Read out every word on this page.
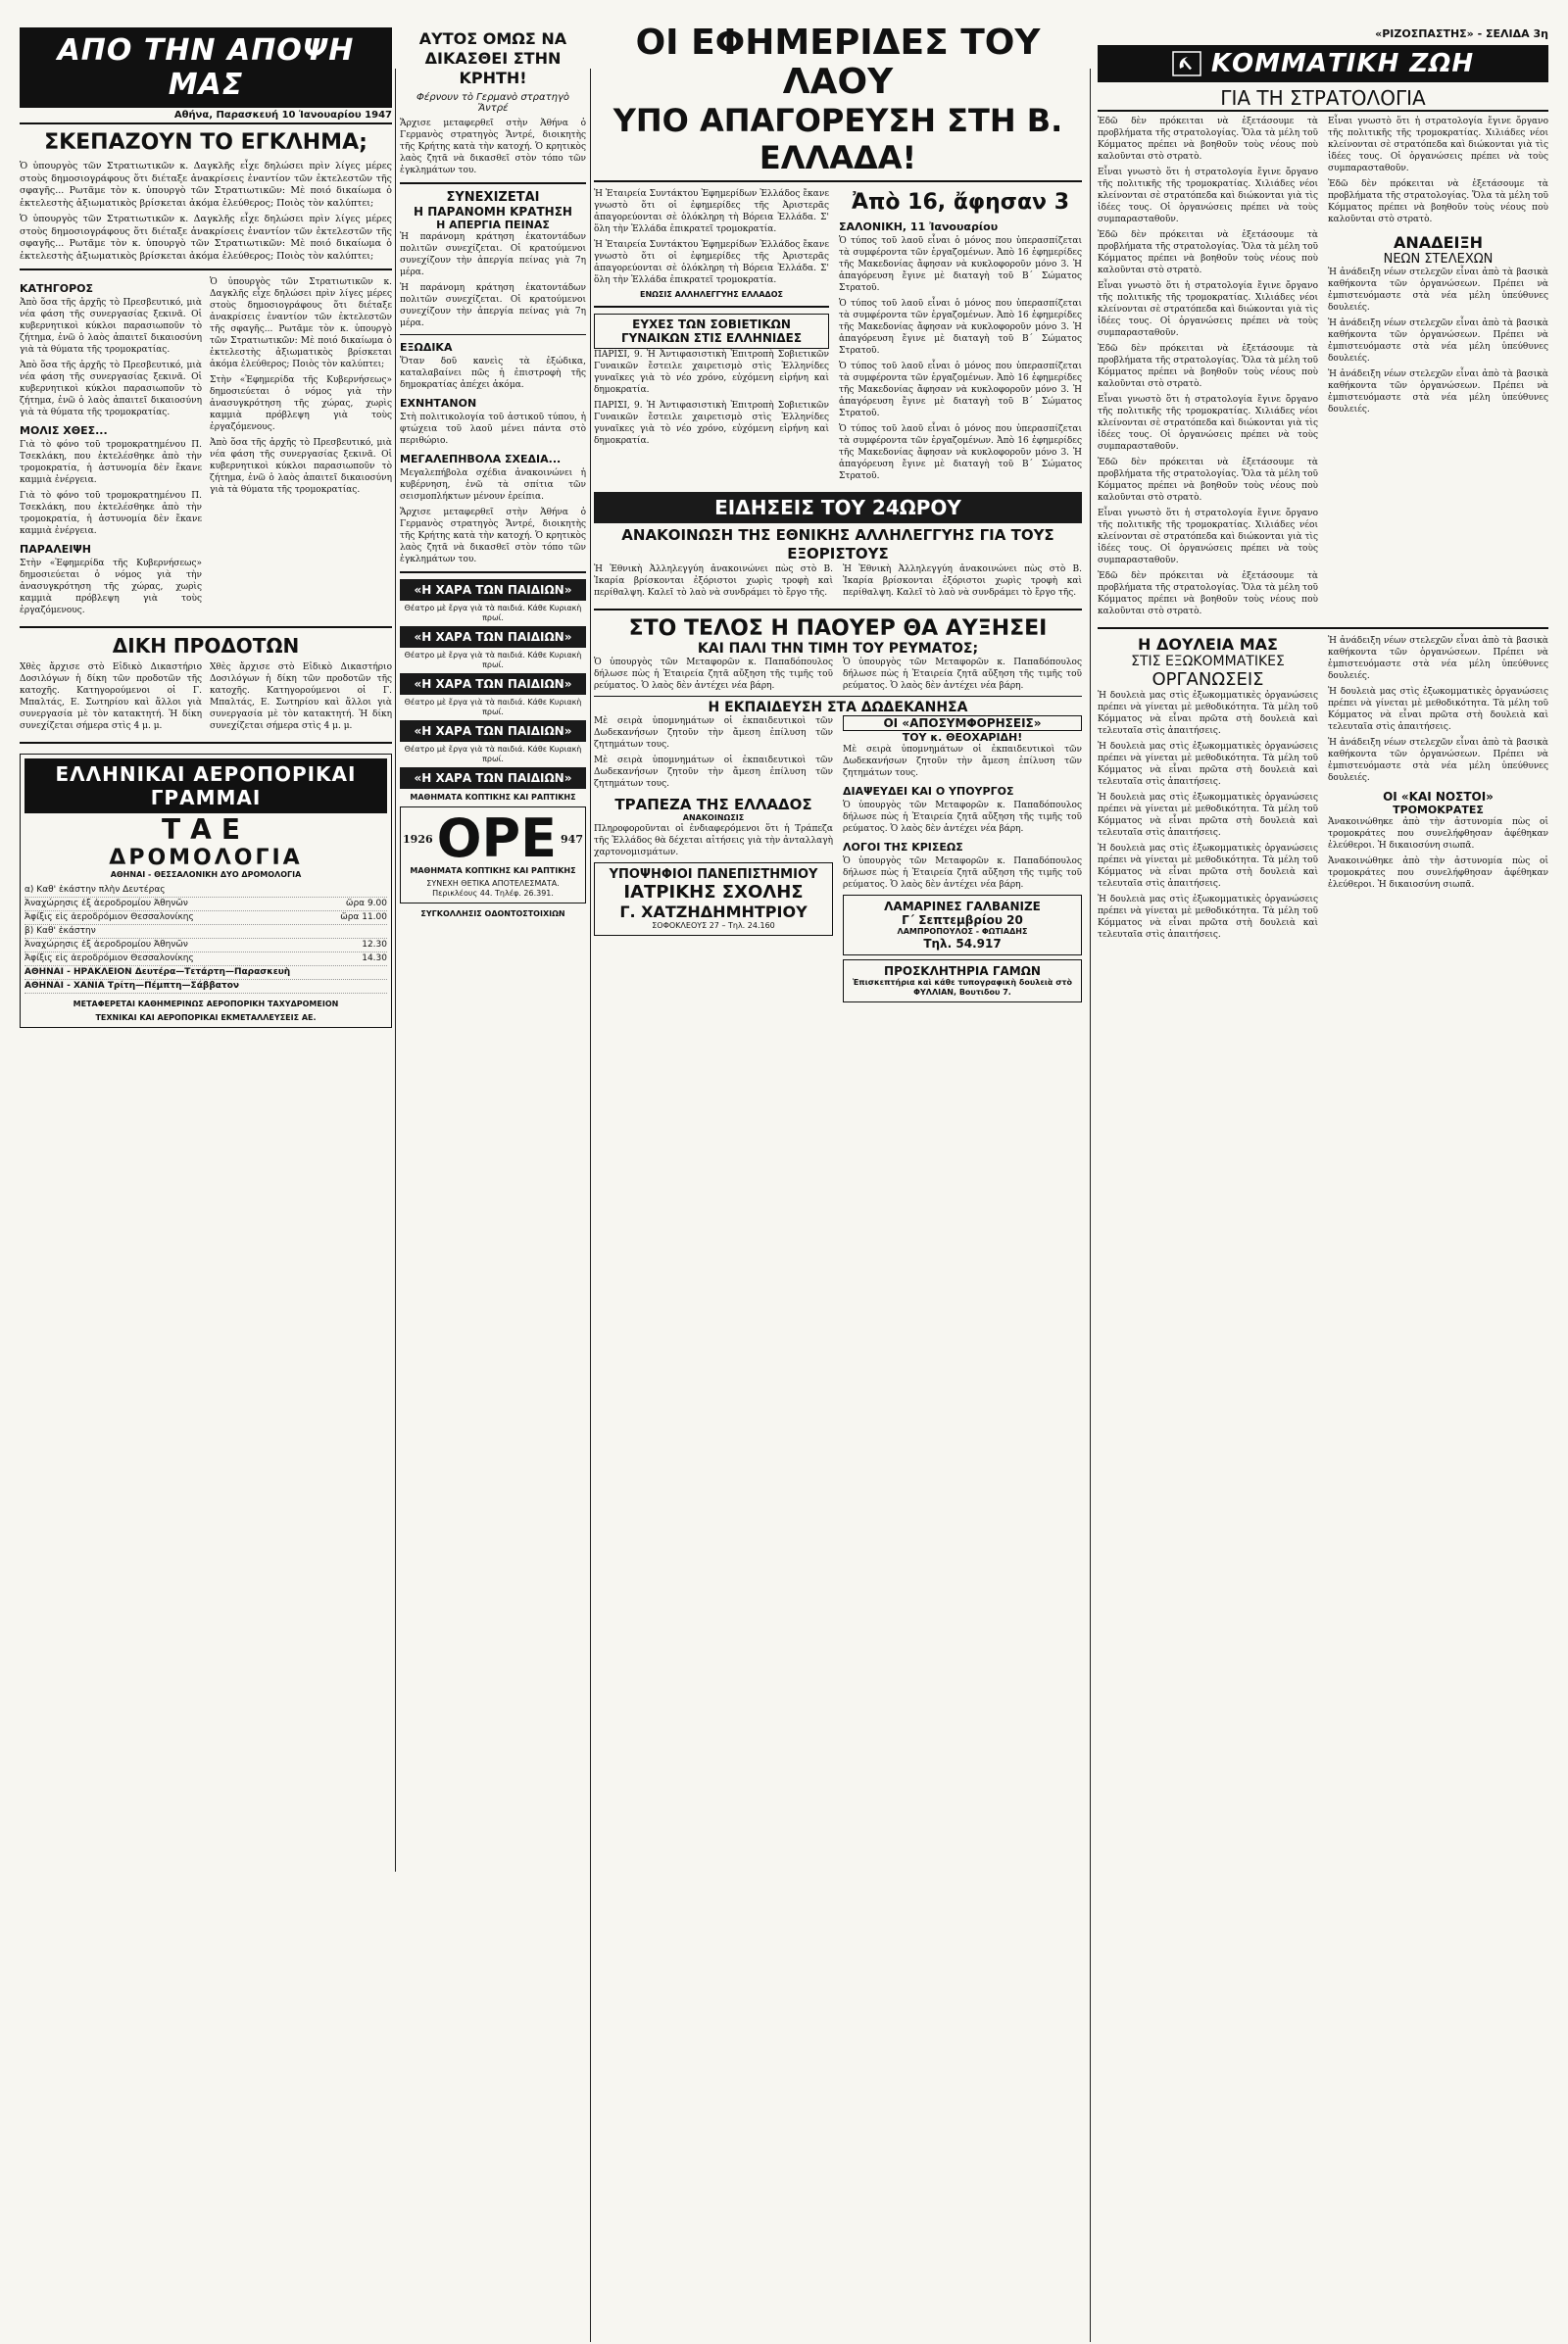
ΑΠΟ ΤΗΝ ΑΠΟΨΗ ΜΑΣ
Αθήνα, Παρασκευή 10 Ἰανουαρίου 1947
ΣΚΕΠΑΖΟΥΝ ΤΟ ΕΓΚΛΗΜΑ;

Ὁ ὑπουργὸς τῶν Στρατιωτικῶν κ. Δαγκλῆς εἶχε δηλώσει πρὶν λίγες μέρες στοὺς δημοσιογράφους ὅτι διέταξε ἀνακρίσεις ἐναντίον τῶν ἐκτελεστῶν τῆς σφαγῆς... Ρωτᾶμε τὸν κ. ὑπουργὸ τῶν Στρατιωτικῶν: Μὲ ποιό δικαίωμα ὁ ἐκτελεστὴς ἀξιωματικὸς βρίσκεται ἀκόμα ἐλεύθερος; Ποιὸς τὸν καλύπτει;

Ὁ ὑπουργὸς τῶν Στρατιωτικῶν κ. Δαγκλῆς εἶχε δηλώσει πρὶν λίγες μέρες στοὺς δημοσιογράφους ὅτι διέταξε ἀνακρίσεις ἐναντίον τῶν ἐκτελεστῶν τῆς σφαγῆς... Ρωτᾶμε τὸν κ. ὑπουργὸ τῶν Στρατιωτικῶν: Μὲ ποιό δικαίωμα ὁ ἐκτελεστὴς ἀξιωματικὸς βρίσκεται ἀκόμα ἐλεύθερος; Ποιὸς τὸν καλύπτει;

ΚΑΤΗΓΟΡΟΣ

Ἀπὸ ὅσα τῆς ἀρχῆς τὸ Πρεσβευτικό, μιὰ νέα φάση τῆς συνεργασίας ξεκινᾶ. Οἱ κυβερνητικοὶ κύκλοι παρασιωποῦν τὸ ζήτημα, ἐνῶ ὁ λαὸς ἀπαιτεῖ δικαιοσύνη γιὰ τὰ θύματα τῆς τρομοκρατίας.

Ἀπὸ ὅσα τῆς ἀρχῆς τὸ Πρεσβευτικό, μιὰ νέα φάση τῆς συνεργασίας ξεκινᾶ. Οἱ κυβερνητικοὶ κύκλοι παρασιωποῦν τὸ ζήτημα, ἐνῶ ὁ λαὸς ἀπαιτεῖ δικαιοσύνη γιὰ τὰ θύματα τῆς τρομοκρατίας.

ΜΟΛΙΣ ΧΘΕΣ...

Γιὰ τὸ φόνο τοῦ τρομοκρατημένου Π. Τσεκλάκη, που ἐκτελέσθηκε ἀπὸ τὴν τρομοκρατία, ἡ ἀστυνομία δὲν ἔκανε καμμιὰ ἐνέργεια.

Γιὰ τὸ φόνο τοῦ τρομοκρατημένου Π. Τσεκλάκη, που ἐκτελέσθηκε ἀπὸ τὴν τρομοκρατία, ἡ ἀστυνομία δὲν ἔκανε καμμιὰ ἐνέργεια.

ΠΑΡΑΛΕΙΨΗ

Στὴν «Ἐφημερίδα τῆς Κυβερνήσεως» δημοσιεύεται ὁ νόμος γιὰ τὴν ἀνασυγκρότηση τῆς χώρας, χωρὶς καμμιὰ πρόβλεψη γιὰ τοὺς ἐργαζόμενους.

Ὁ ὑπουργὸς τῶν Στρατιωτικῶν κ. Δαγκλῆς εἶχε δηλώσει πρὶν λίγες μέρες στοὺς δημοσιογράφους ὅτι διέταξε ἀνακρίσεις ἐναντίον τῶν ἐκτελεστῶν τῆς σφαγῆς... Ρωτᾶμε τὸν κ. ὑπουργὸ τῶν Στρατιωτικῶν: Μὲ ποιό δικαίωμα ὁ ἐκτελεστὴς ἀξιωματικὸς βρίσκεται ἀκόμα ἐλεύθερος; Ποιὸς τὸν καλύπτει;

Στὴν «Ἐφημερίδα τῆς Κυβερνήσεως» δημοσιεύεται ὁ νόμος γιὰ τὴν ἀνασυγκρότηση τῆς χώρας, χωρὶς καμμιὰ πρόβλεψη γιὰ τοὺς ἐργαζόμενους.

Ἀπὸ ὅσα τῆς ἀρχῆς τὸ Πρεσβευτικό, μιὰ νέα φάση τῆς συνεργασίας ξεκινᾶ. Οἱ κυβερνητικοὶ κύκλοι παρασιωποῦν τὸ ζήτημα, ἐνῶ ὁ λαὸς ἀπαιτεῖ δικαιοσύνη γιὰ τὰ θύματα τῆς τρομοκρατίας.

ΔΙΚΗ ΠΡΟΔΟΤΩΝ

Χθὲς ἄρχισε στὸ Εἰδικὸ Δικαστήριο Δοσιλόγων ἡ δίκη τῶν προδοτῶν τῆς κατοχῆς. Κατηγορούμενοι οἱ Γ. Μπαλτάς, Ε. Σωτηρίου καὶ ἄλλοι γιὰ συνεργασία μὲ τὸν κατακτητή. Ἡ δίκη συνεχίζεται σήμερα στὶς 4 μ. μ.

Χθὲς ἄρχισε στὸ Εἰδικὸ Δικαστήριο Δοσιλόγων ἡ δίκη τῶν προδοτῶν τῆς κατοχῆς. Κατηγορούμενοι οἱ Γ. Μπαλτάς, Ε. Σωτηρίου καὶ ἄλλοι γιὰ συνεργασία μὲ τὸν κατακτητή. Ἡ δίκη συνεχίζεται σήμερα στὶς 4 μ. μ.

ΕΛΛΗΝΙΚΑΙ ΑΕΡΟΠΟΡΙΚΑΙ ΓΡΑΜΜΑΙ
ΤΑΕ
ΔΡΟΜΟΛΟΓΙΑ
ΑΘΗΝΑΙ - ΘΕΣΣΑΛΟΝΙΚΗ ΔΥΟ ΔΡΟΜΟΛΟΓΙΑ
α) Καθ' ἑκάστην πλὴν Δευτέρας
Ἀναχώρησις ἐξ ἀεροδρομίου Ἀθηνῶν	ὥρα 9.00
Ἀφίξις εἰς ἀεροδρόμιον Θεσσαλονίκης	ὥρα 11.00
β) Καθ' ἑκάστην
Ἀναχώρησις ἐξ ἀεροδρομίου Ἀθηνῶν	12.30
Ἀφίξις εἰς ἀεροδρόμιον Θεσσαλονίκης	14.30
ΑΘΗΝΑΙ - ΗΡΑΚΛΕΙΟΝ Δευτέρα—Τετάρτη—Παρασκευὴ
ΑΘΗΝΑΙ - ΧΑΝΙΑ Τρίτη—Πέμπτη—Σάββατον
ΜΕΤΑΦΕΡΕΤΑΙ ΚΑΘΗΜΕΡΙΝΩΣ ΑΕΡΟΠΟΡΙΚΗ ΤΑΧΥΔΡΟΜΕΙΟΝ
ΤΕΧΝΙΚΑΙ ΚΑΙ ΑΕΡΟΠΟΡΙΚΑΙ ΕΚΜΕΤΑΛΛΕΥΣΕΙΣ ΑΕ.
ΑΥΤΟΣ ΟΜΩΣ ΝΑ ΔΙΚΑΣΘΕΙ ΣΤΗΝ ΚΡΗΤΗ!
Φέρνουν τὸ Γερμανὸ στρατηγὸ Ἄντρέ

Ἄρχισε μεταφερθεῖ στὴν Ἀθήνα ὁ Γερμανὸς στρατηγὸς Ἄντρέ, διοικητὴς τῆς Κρήτης κατὰ τὴν κατοχή. Ὁ κρητικὸς λαὸς ζητᾶ νὰ δικασθεῖ στὸν τόπο τῶν ἐγκλημάτων του.

ΣΥΝΕΧΙΖΕΤΑΙ
Η ΠΑΡΑΝΟΜΗ ΚΡΑΤΗΣΗ
Η ΑΠΕΡΓΙΑ ΠΕΙΝΑΣ

Ἡ παράνομη κράτηση ἑκατοντάδων πολιτῶν συνεχίζεται. Οἱ κρατούμενοι συνεχίζουν τὴν ἀπεργία πείνας γιὰ 7η μέρα.

Ἡ παράνομη κράτηση ἑκατοντάδων πολιτῶν συνεχίζεται. Οἱ κρατούμενοι συνεχίζουν τὴν ἀπεργία πείνας γιὰ 7η μέρα.

ΕΞΩΔΙΚΑ

Ὅταν δοῦ κανεὶς τὰ ἐξώδικα, καταλαβαίνει πῶς ἡ ἐπιστροφὴ τῆς δημοκρατίας ἀπέχει ἀκόμα.

ΕΧΝΗΤΑΝΟΝ

Στὴ πολιτικολογία τοῦ ἀστικοῦ τύπου, ἡ φτώχεια τοῦ λαοῦ μένει πάντα στὸ περιθώριο.

ΜΕΓΑΛΕΠΗΒΟΛΑ ΣΧΕΔΙΑ...

Μεγαλεπήβολα σχέδια ἀνακοινώνει ἡ κυβέρνηση, ἐνῶ τὰ σπίτια τῶν σεισμοπλήκτων μένουν ἐρείπια.

Ἄρχισε μεταφερθεῖ στὴν Ἀθήνα ὁ Γερμανὸς στρατηγὸς Ἄντρέ, διοικητὴς τῆς Κρήτης κατὰ τὴν κατοχή. Ὁ κρητικὸς λαὸς ζητᾶ νὰ δικασθεῖ στὸν τόπο τῶν ἐγκλημάτων του.

«Η ΧΑΡΑ ΤΩΝ ΠΑΙΔΙΩΝ»
Θέατρο μὲ ἔργα γιὰ τὰ παιδιά. Κάθε Κυριακὴ πρωί.
«Η ΧΑΡΑ ΤΩΝ ΠΑΙΔΙΩΝ»
Θέατρο μὲ ἔργα γιὰ τὰ παιδιά. Κάθε Κυριακὴ πρωί.
«Η ΧΑΡΑ ΤΩΝ ΠΑΙΔΙΩΝ»
Θέατρο μὲ ἔργα γιὰ τὰ παιδιά. Κάθε Κυριακὴ πρωί.
«Η ΧΑΡΑ ΤΩΝ ΠΑΙΔΙΩΝ»
Θέατρο μὲ ἔργα γιὰ τὰ παιδιά. Κάθε Κυριακὴ πρωί.
«Η ΧΑΡΑ ΤΩΝ ΠΑΙΔΙΩΝ»
ΜΑΘΗΜΑΤΑ ΚΟΠΤΙΚΗΣ ΚΑΙ ΡΑΠΤΙΚΗΣ
1926 ΟΡΕ 947
ΜΑΘΗΜΑΤΑ ΚΟΠΤΙΚΗΣ ΚΑΙ ΡΑΠΤΙΚΗΣ
ΣΥΝΕΧΗ ΘΕΤΙΚΑ ΑΠΟΤΕΛΕΣΜΑΤΑ. Περικλέους 44. Τηλέφ. 26.391.
ΣΥΓΚΟΛΛΗΣΙΣ ΟΔΟΝΤΟΣΤΟΙΧΙΩΝ
ΟΙ ΕΦΗΜΕΡΙΔΕΣ ΤΟΥ ΛΑΟΥ
ΥΠΟ ΑΠΑΓΟΡΕΥΣΗ ΣΤΗ Β. ΕΛΛΑΔΑ!

Ἡ Ἐταιρεία Συντάκτου Ἐφημερίδων Ἐλλάδος ἔκανε γνωστὸ ὅτι οἱ ἐφημερίδες τῆς Ἀριστερᾶς ἀπαγορεύονται σὲ ὁλόκληρη τὴ Βόρεια Ἑλλάδα. Σ' ὅλη τὴν Ἑλλάδα ἐπικρατεῖ τρομοκρατία.

Ἡ Ἐταιρεία Συντάκτου Ἐφημερίδων Ἐλλάδος ἔκανε γνωστὸ ὅτι οἱ ἐφημερίδες τῆς Ἀριστερᾶς ἀπαγορεύονται σὲ ὁλόκληρη τὴ Βόρεια Ἑλλάδα. Σ' ὅλη τὴν Ἑλλάδα ἐπικρατεῖ τρομοκρατία.

ΕΝΩΣΙΣ ΑΛΛΗΛΕΓΓΥΗΣ ΕΛΛΑΔΟΣ
ΕΥΧΕΣ ΤΩΝ ΣΟΒΙΕΤΙΚΩΝ ΓΥΝΑΙΚΩΝ ΣΤΙΣ ΕΛΛΗΝΙΔΕΣ

ΠΑΡΙΣΙ, 9. Ἡ Ἀντιφασιστικὴ Ἐπιτροπὴ Σοβιετικῶν Γυναικῶν ἔστειλε χαιρετισμὸ στὶς Ἑλληνίδες γυναῖκες γιὰ τὸ νέο χρόνο, εὐχόμενη εἰρήνη καὶ δημοκρατία.

ΠΑΡΙΣΙ, 9. Ἡ Ἀντιφασιστικὴ Ἐπιτροπὴ Σοβιετικῶν Γυναικῶν ἔστειλε χαιρετισμὸ στὶς Ἑλληνίδες γυναῖκες γιὰ τὸ νέο χρόνο, εὐχόμενη εἰρήνη καὶ δημοκρατία.

Ἀπὸ 16, ἄφησαν 3
ΣΑΛΟΝΙΚΗ, 11 Ἰανουαρίου

Ὁ τύπος τοῦ λαοῦ εἶναι ὁ μόνος που ὑπερασπίζεται τὰ συμφέροντα τῶν ἐργαζομένων. Ἀπὸ 16 ἐφημερίδες τῆς Μακεδονίας ἄφησαν νὰ κυκλοφοροῦν μόνο 3. Ἡ ἀπαγόρευση ἔγινε μὲ διαταγὴ τοῦ Β΄ Σώματος Στρατοῦ.

Ὁ τύπος τοῦ λαοῦ εἶναι ὁ μόνος που ὑπερασπίζεται τὰ συμφέροντα τῶν ἐργαζομένων. Ἀπὸ 16 ἐφημερίδες τῆς Μακεδονίας ἄφησαν νὰ κυκλοφοροῦν μόνο 3. Ἡ ἀπαγόρευση ἔγινε μὲ διαταγὴ τοῦ Β΄ Σώματος Στρατοῦ.

Ὁ τύπος τοῦ λαοῦ εἶναι ὁ μόνος που ὑπερασπίζεται τὰ συμφέροντα τῶν ἐργαζομένων. Ἀπὸ 16 ἐφημερίδες τῆς Μακεδονίας ἄφησαν νὰ κυκλοφοροῦν μόνο 3. Ἡ ἀπαγόρευση ἔγινε μὲ διαταγὴ τοῦ Β΄ Σώματος Στρατοῦ.

Ὁ τύπος τοῦ λαοῦ εἶναι ὁ μόνος που ὑπερασπίζεται τὰ συμφέροντα τῶν ἐργαζομένων. Ἀπὸ 16 ἐφημερίδες τῆς Μακεδονίας ἄφησαν νὰ κυκλοφοροῦν μόνο 3. Ἡ ἀπαγόρευση ἔγινε μὲ διαταγὴ τοῦ Β΄ Σώματος Στρατοῦ.

ΕΙΔΗΣΕΙΣ ΤΟΥ 24ΩΡΟΥ
ΑΝΑΚΟΙΝΩΣΗ ΤΗΣ ΕΘΝΙΚΗΣ ΑΛΛΗΛΕΓΓΥΗΣ ΓΙΑ ΤΟΥΣ ΕΞΟΡΙΣΤΟΥΣ

Ἡ Ἐθνικὴ Ἀλληλεγγύη ἀνακοινώνει πὼς στὸ Β. Ἰκαρία βρίσκονται ἐξόριστοι χωρὶς τροφὴ καὶ περίθαλψη. Καλεῖ τὸ λαὸ νὰ συνδράμει τὸ ἔργο τῆς.

Ἡ Ἐθνικὴ Ἀλληλεγγύη ἀνακοινώνει πὼς στὸ Β. Ἰκαρία βρίσκονται ἐξόριστοι χωρὶς τροφὴ καὶ περίθαλψη. Καλεῖ τὸ λαὸ νὰ συνδράμει τὸ ἔργο τῆς.

ΣΤΟ ΤΕΛΟΣ Η ΠΑΟΥΕΡ ΘΑ ΑΥΞΗΣΕΙ
ΚΑΙ ΠΑΛΙ ΤΗΝ ΤΙΜΗ ΤΟΥ ΡΕΥΜΑΤΟΣ;

Ὁ ὑπουργὸς τῶν Μεταφορῶν κ. Παπαδόπουλος δήλωσε πὼς ἡ Ἑταιρεία ζητᾶ αὔξηση τῆς τιμῆς τοῦ ρεύματος. Ὁ λαὸς δὲν ἀντέχει νέα βάρη.

Ὁ ὑπουργὸς τῶν Μεταφορῶν κ. Παπαδόπουλος δήλωσε πὼς ἡ Ἑταιρεία ζητᾶ αὔξηση τῆς τιμῆς τοῦ ρεύματος. Ὁ λαὸς δὲν ἀντέχει νέα βάρη.

Η ΕΚΠΑΙΔΕΥΣΗ ΣΤΑ ΔΩΔΕΚΑΝΗΣΑ

Μὲ σειρὰ ὑπομνημάτων οἱ ἐκπαιδευτικοὶ τῶν Δωδεκανήσων ζητοῦν τὴν ἄμεση ἐπίλυση τῶν ζητημάτων τους.

Μὲ σειρὰ ὑπομνημάτων οἱ ἐκπαιδευτικοὶ τῶν Δωδεκανήσων ζητοῦν τὴν ἄμεση ἐπίλυση τῶν ζητημάτων τους.

ΤΡΑΠΕΖΑ ΤΗΣ ΕΛΛΑΔΟΣ
ΑΝΑΚΟΙΝΩΣΙΣ

Πληροφοροῦνται οἱ ἐνδιαφερόμενοι ὅτι ἡ Τράπεζα τῆς Ἑλλάδος θὰ δέχεται αἰτήσεις γιὰ τὴν ἀνταλλαγὴ χαρτονομισμάτων.

ΥΠΟΨΗΦΙΟΙ ΠΑΝΕΠΙΣΤΗΜΙΟΥ
ΙΑΤΡΙΚΗΣ ΣΧΟΛΗΣ
Γ. ΧΑΤΖΗΔΗΜΗΤΡΙΟΥ
ΣΟΦΟΚΛΕΟΥΣ 27 – Τηλ. 24.160
ΟΙ «ΑΠΟΣΥΜΦΟΡΗΣΕΙΣ»
ΤΟΥ κ. ΘΕΟΧΑΡΙΔΗ!

Μὲ σειρὰ ὑπομνημάτων οἱ ἐκπαιδευτικοὶ τῶν Δωδεκανήσων ζητοῦν τὴν ἄμεση ἐπίλυση τῶν ζητημάτων τους.

ΔΙΑΨΕΥΔΕΙ ΚΑΙ Ο ΥΠΟΥΡΓΟΣ

Ὁ ὑπουργὸς τῶν Μεταφορῶν κ. Παπαδόπουλος δήλωσε πὼς ἡ Ἑταιρεία ζητᾶ αὔξηση τῆς τιμῆς τοῦ ρεύματος. Ὁ λαὸς δὲν ἀντέχει νέα βάρη.

ΛΟΓΟΙ ΤΗΣ ΚΡΙΣΕΩΣ

Ὁ ὑπουργὸς τῶν Μεταφορῶν κ. Παπαδόπουλος δήλωσε πὼς ἡ Ἑταιρεία ζητᾶ αὔξηση τῆς τιμῆς τοῦ ρεύματος. Ὁ λαὸς δὲν ἀντέχει νέα βάρη.

ΛΑΜΑΡΙΝΕΣ ΓΑΛΒΑΝΙΖΕ
Γ΄ Σεπτεμβρίου 20
ΛΑΜΠΡΟΠΟΥΛΟΣ - ΦΩΤΙΑΔΗΣ
Τηλ. 54.917
ΠΡΟΣΚΛΗΤΗΡΙΑ ΓΑΜΩΝ
Ἐπισκεπτήρια καὶ κάθε τυπογραφικὴ δουλειὰ στὸ ΦΥΛΛΙΑΝ, Βουτιδου 7.
«ΡΙΖΟΣΠΑΣΤΗΣ» - ΣΕΛΙΔΑ 3η
ΚΟΜΜΑΤΙΚΗ ΖΩΗ
ΓΙΑ ΤΗ ΣΤΡΑΤΟΛΟΓΙΑ

Ἐδῶ δὲν πρόκειται νὰ ἐξετάσουμε τὰ προβλήματα τῆς στρατολογίας. Ὅλα τὰ μέλη τοῦ Κόμματος πρέπει νὰ βοηθοῦν τοὺς νέους ποὺ καλοῦνται στὸ στρατὸ.

Εἶναι γνωστὸ ὅτι ἡ στρατολογία ἔγινε ὄργανο τῆς πολιτικῆς τῆς τρομοκρατίας. Χιλιάδες νέοι κλείνονται σὲ στρατόπεδα καὶ διώκονται γιὰ τὶς ἰδέες τους. Οἱ ὀργανώσεις πρέπει νὰ τοὺς συμπαρασταθοῦν.

Ἐδῶ δὲν πρόκειται νὰ ἐξετάσουμε τὰ προβλήματα τῆς στρατολογίας. Ὅλα τὰ μέλη τοῦ Κόμματος πρέπει νὰ βοηθοῦν τοὺς νέους ποὺ καλοῦνται στὸ στρατὸ.

Εἶναι γνωστὸ ὅτι ἡ στρατολογία ἔγινε ὄργανο τῆς πολιτικῆς τῆς τρομοκρατίας. Χιλιάδες νέοι κλείνονται σὲ στρατόπεδα καὶ διώκονται γιὰ τὶς ἰδέες τους. Οἱ ὀργανώσεις πρέπει νὰ τοὺς συμπαρασταθοῦν.

Ἐδῶ δὲν πρόκειται νὰ ἐξετάσουμε τὰ προβλήματα τῆς στρατολογίας. Ὅλα τὰ μέλη τοῦ Κόμματος πρέπει νὰ βοηθοῦν τοὺς νέους ποὺ καλοῦνται στὸ στρατὸ.

Εἶναι γνωστὸ ὅτι ἡ στρατολογία ἔγινε ὄργανο τῆς πολιτικῆς τῆς τρομοκρατίας. Χιλιάδες νέοι κλείνονται σὲ στρατόπεδα καὶ διώκονται γιὰ τὶς ἰδέες τους. Οἱ ὀργανώσεις πρέπει νὰ τοὺς συμπαρασταθοῦν.

Ἐδῶ δὲν πρόκειται νὰ ἐξετάσουμε τὰ προβλήματα τῆς στρατολογίας. Ὅλα τὰ μέλη τοῦ Κόμματος πρέπει νὰ βοηθοῦν τοὺς νέους ποὺ καλοῦνται στὸ στρατὸ.

Εἶναι γνωστὸ ὅτι ἡ στρατολογία ἔγινε ὄργανο τῆς πολιτικῆς τῆς τρομοκρατίας. Χιλιάδες νέοι κλείνονται σὲ στρατόπεδα καὶ διώκονται γιὰ τὶς ἰδέες τους. Οἱ ὀργανώσεις πρέπει νὰ τοὺς συμπαρασταθοῦν.

Ἐδῶ δὲν πρόκειται νὰ ἐξετάσουμε τὰ προβλήματα τῆς στρατολογίας. Ὅλα τὰ μέλη τοῦ Κόμματος πρέπει νὰ βοηθοῦν τοὺς νέους ποὺ καλοῦνται στὸ στρατὸ.

Εἶναι γνωστὸ ὅτι ἡ στρατολογία ἔγινε ὄργανο τῆς πολιτικῆς τῆς τρομοκρατίας. Χιλιάδες νέοι κλείνονται σὲ στρατόπεδα καὶ διώκονται γιὰ τὶς ἰδέες τους. Οἱ ὀργανώσεις πρέπει νὰ τοὺς συμπαρασταθοῦν.

Ἐδῶ δὲν πρόκειται νὰ ἐξετάσουμε τὰ προβλήματα τῆς στρατολογίας. Ὅλα τὰ μέλη τοῦ Κόμματος πρέπει νὰ βοηθοῦν τοὺς νέους ποὺ καλοῦνται στὸ στρατὸ.

ΑΝΑΔΕΙΞΗ
ΝΕΩΝ ΣΤΕΛΕΧΩΝ

Ἡ ἀνάδειξη νέων στελεχῶν εἶναι ἀπὸ τὰ βασικὰ καθήκοντα τῶν ὀργανώσεων. Πρέπει νὰ ἐμπιστευόμαστε στὰ νέα μέλη ὑπεύθυνες δουλειές.

Ἡ ἀνάδειξη νέων στελεχῶν εἶναι ἀπὸ τὰ βασικὰ καθήκοντα τῶν ὀργανώσεων. Πρέπει νὰ ἐμπιστευόμαστε στὰ νέα μέλη ὑπεύθυνες δουλειές.

Ἡ ἀνάδειξη νέων στελεχῶν εἶναι ἀπὸ τὰ βασικὰ καθήκοντα τῶν ὀργανώσεων. Πρέπει νὰ ἐμπιστευόμαστε στὰ νέα μέλη ὑπεύθυνες δουλειές.

Η ΔΟΥΛΕΙΑ ΜΑΣ
ΣΤΙΣ ΕΞΩΚΟΜΜΑΤΙΚΕΣ
ΟΡΓΑΝΩΣΕΙΣ

Ἡ δουλειὰ μας στὶς ἐξωκομματικὲς ὀργανώσεις πρέπει νὰ γίνεται μὲ μεθοδικότητα. Τὰ μέλη τοῦ Κόμματος νὰ εἶναι πρῶτα στὴ δουλειὰ καὶ τελευταῖα στὶς ἀπαιτήσεις.

Ἡ δουλειὰ μας στὶς ἐξωκομματικὲς ὀργανώσεις πρέπει νὰ γίνεται μὲ μεθοδικότητα. Τὰ μέλη τοῦ Κόμματος νὰ εἶναι πρῶτα στὴ δουλειὰ καὶ τελευταῖα στὶς ἀπαιτήσεις.

Ἡ δουλειὰ μας στὶς ἐξωκομματικὲς ὀργανώσεις πρέπει νὰ γίνεται μὲ μεθοδικότητα. Τὰ μέλη τοῦ Κόμματος νὰ εἶναι πρῶτα στὴ δουλειὰ καὶ τελευταῖα στὶς ἀπαιτήσεις.

Ἡ δουλειὰ μας στὶς ἐξωκομματικὲς ὀργανώσεις πρέπει νὰ γίνεται μὲ μεθοδικότητα. Τὰ μέλη τοῦ Κόμματος νὰ εἶναι πρῶτα στὴ δουλειὰ καὶ τελευταῖα στὶς ἀπαιτήσεις.

Ἡ δουλειὰ μας στὶς ἐξωκομματικὲς ὀργανώσεις πρέπει νὰ γίνεται μὲ μεθοδικότητα. Τὰ μέλη τοῦ Κόμματος νὰ εἶναι πρῶτα στὴ δουλειὰ καὶ τελευταῖα στὶς ἀπαιτήσεις.

Ἡ ἀνάδειξη νέων στελεχῶν εἶναι ἀπὸ τὰ βασικὰ καθήκοντα τῶν ὀργανώσεων. Πρέπει νὰ ἐμπιστευόμαστε στὰ νέα μέλη ὑπεύθυνες δουλειές.

Ἡ δουλειὰ μας στὶς ἐξωκομματικὲς ὀργανώσεις πρέπει νὰ γίνεται μὲ μεθοδικότητα. Τὰ μέλη τοῦ Κόμματος νὰ εἶναι πρῶτα στὴ δουλειὰ καὶ τελευταῖα στὶς ἀπαιτήσεις.

Ἡ ἀνάδειξη νέων στελεχῶν εἶναι ἀπὸ τὰ βασικὰ καθήκοντα τῶν ὀργανώσεων. Πρέπει νὰ ἐμπιστευόμαστε στὰ νέα μέλη ὑπεύθυνες δουλειές.

ΟΙ «ΚΑΙ ΝΟΣΤΟΙ»
ΤΡΟΜΟΚΡΑΤΕΣ

Ἀνακοινώθηκε ἀπὸ τὴν ἀστυνομία πὼς οἱ τρομοκράτες που συνελήφθησαν ἀφέθηκαν ἐλεύθεροι. Ἡ δικαιοσύνη σιωπᾶ.

Ἀνακοινώθηκε ἀπὸ τὴν ἀστυνομία πὼς οἱ τρομοκράτες που συνελήφθησαν ἀφέθηκαν ἐλεύθεροι. Ἡ δικαιοσύνη σιωπᾶ.
